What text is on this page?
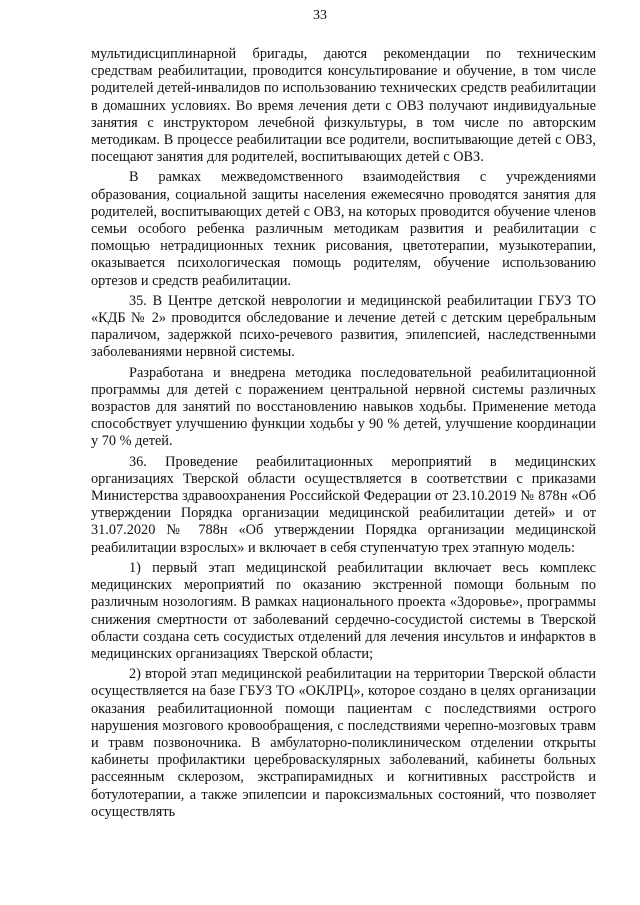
33

мультидисциплинарной бригады, даются рекомендации по техническим средствам реабилитации, проводится консультирование и обучение, в том числе родителей детей-инвалидов по использованию технических средств реабилитации в домашних условиях. Во время лечения дети с ОВЗ получают индивидуальные занятия с инструктором лечебной физкультуры, в том числе по авторским методикам. В процессе реабилитации все родители, воспитывающие детей с ОВЗ, посещают занятия для родителей, воспитывающих детей с ОВЗ.

В рамках межведомственного взаимодействия с учреждениями образования, социальной защиты населения ежемесячно проводятся занятия для родителей, воспитывающих детей с ОВЗ, на которых проводится обучение членов семьи особого ребенка различным методикам развития и реабилитации с помощью нетрадиционных техник рисования, цветотерапии, музыкотерапии, оказывается психологическая помощь родителям, обучение использованию ортезов и средств реабилитации.

35. В Центре детской неврологии и медицинской реабилитации ГБУЗ ТО «КДБ № 2» проводится обследование и лечение детей с детским церебральным параличом, задержкой психо-речевого развития, эпилепсией, наследственными заболеваниями нервной системы.

Разработана и внедрена методика последовательной реабилитационной программы для детей с поражением центральной нервной системы различных возрастов для занятий по восстановлению навыков ходьбы. Применение метода способствует улучшению функции ходьбы у 90 % детей, улучшение координации у 70 % детей.

36. Проведение реабилитационных мероприятий в медицинских организациях Тверской области осуществляется в соответствии с приказами Министерства здравоохранения Российской Федерации от 23.10.2019 № 878н «Об утверждении Порядка организации медицинской реабилитации детей» и от 31.07.2020 № 788н «Об утверждении Порядка организации медицинской реабилитации взрослых» и включает в себя ступенчатую трех этапную модель:

1) первый этап медицинской реабилитации включает весь комплекс медицинских мероприятий по оказанию экстренной помощи больным по различным нозологиям. В рамках национального проекта «Здоровье», программы снижения смертности от заболеваний сердечно-сосудистой системы в Тверской области создана сеть сосудистых отделений для лечения инсультов и инфарктов в медицинских организациях Тверской области;

2) второй этап медицинской реабилитации на территории Тверской области осуществляется на базе ГБУЗ ТО «ОКЛРЦ», которое создано в целях организации оказания реабилитационной помощи пациентам с последствиями острого нарушения мозгового кровообращения, с последствиями черепно-мозговых травм и травм позвоночника. В амбулаторно-поликлиническом отделении открыты кабинеты профилактики цереброваскулярных заболеваний, кабинеты больных рассеянным склерозом, экстрапирамидных и когнитивных расстройств и ботулотерапии, а также эпилепсии и пароксизмальных состояний, что позволяет осуществлять
